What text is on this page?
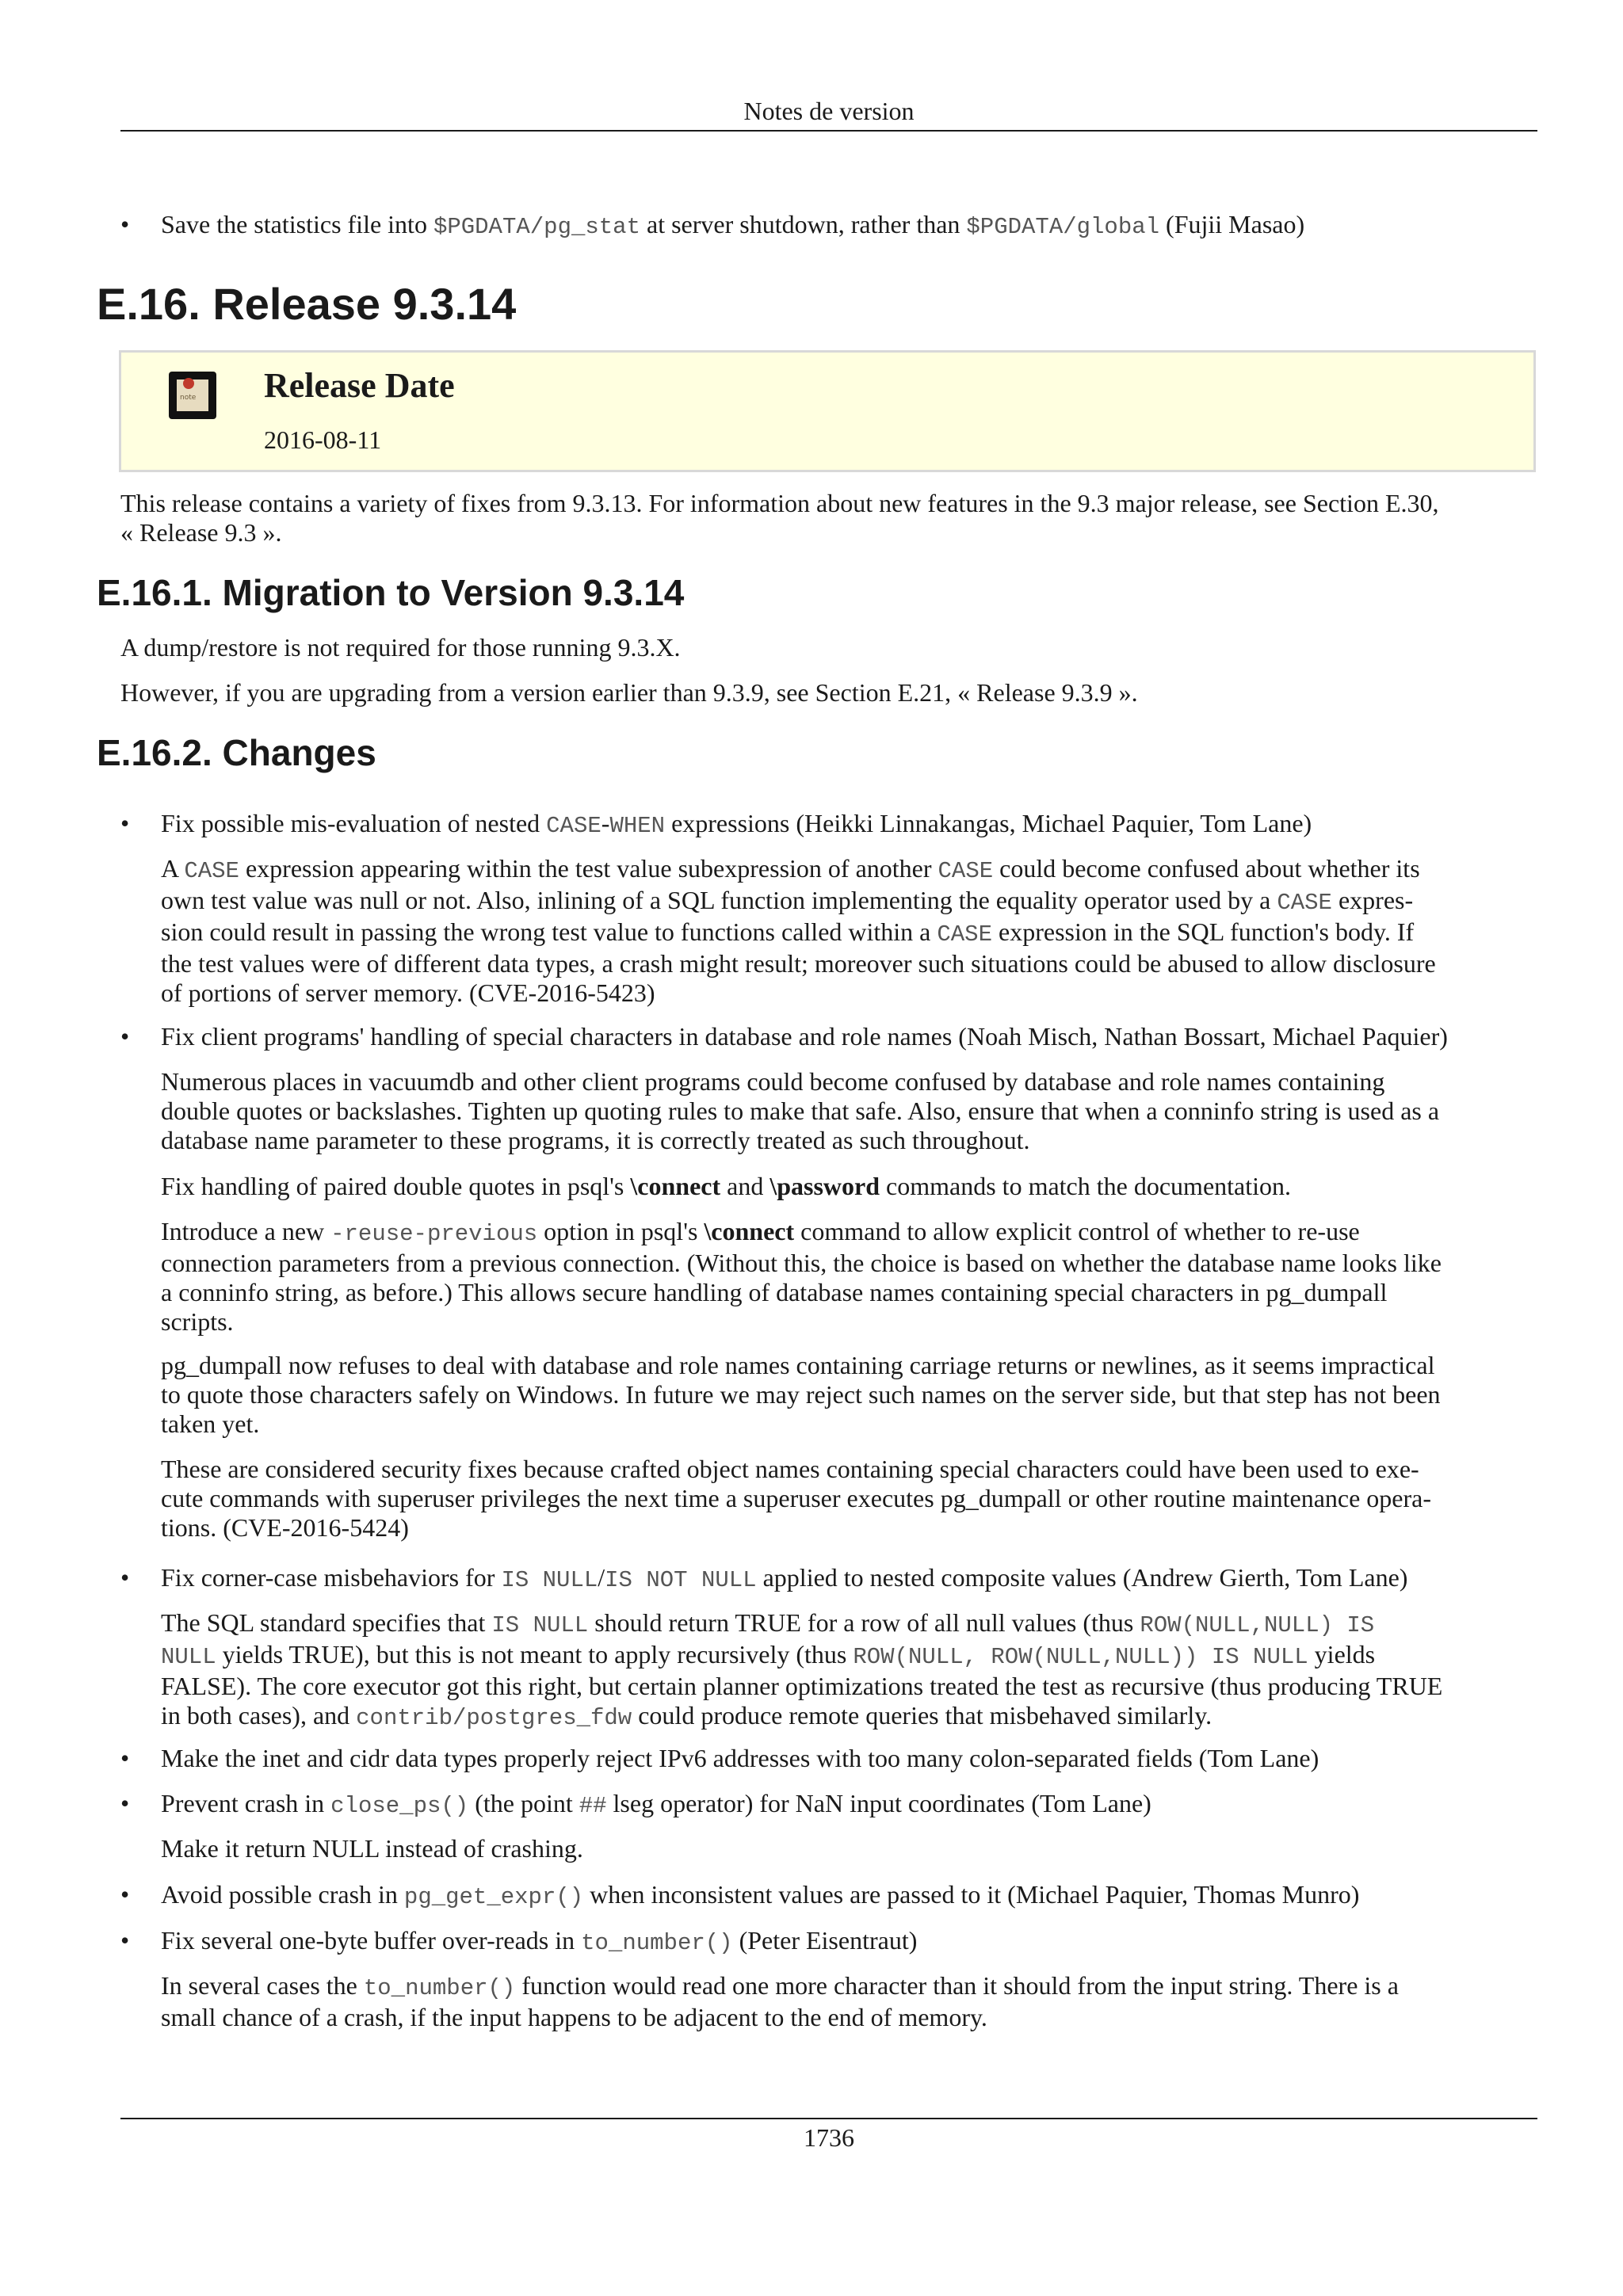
Notes de version
• Save the statistics file into $PGDATA/pg_stat at server shutdown, rather than $PGDATA/global (Fujii Masao)
E.16. Release 9.3.14
note Release Date
2016-08-11
This release contains a variety of fixes from 9.3.13. For information about new features in the 9.3 major release, see Section E.30,
« Release 9.3 ».
E.16.1. Migration to Version 9.3.14
A dump/restore is not required for those running 9.3.X.
However, if you are upgrading from a version earlier than 9.3.9, see Section E.21, « Release 9.3.9 ».
E.16.2. Changes
• Fix possible mis-evaluation of nested CASE-WHEN expressions (Heikki Linnakangas, Michael Paquier, Tom Lane)
A CASE expression appearing within the test value subexpression of another CASE could become confused about whether its
own test value was null or not. Also, inlining of a SQL function implementing the equality operator used by a CASE expres-
sion could result in passing the wrong test value to functions called within a CASE expression in the SQL function's body. If
the test values were of different data types, a crash might result; moreover such situations could be abused to allow disclosure
of portions of server memory. (CVE-2016-5423)
• Fix client programs' handling of special characters in database and role names (Noah Misch, Nathan Bossart, Michael Paquier)
Numerous places in vacuumdb and other client programs could become confused by database and role names containing
double quotes or backslashes. Tighten up quoting rules to make that safe. Also, ensure that when a conninfo string is used as a
database name parameter to these programs, it is correctly treated as such throughout.
Fix handling of paired double quotes in psql's \connect and \password commands to match the documentation.
Introduce a new -reuse-previous option in psql's \connect command to allow explicit control of whether to re-use
connection parameters from a previous connection. (Without this, the choice is based on whether the database name looks like
a conninfo string, as before.) This allows secure handling of database names containing special characters in pg_dumpall
scripts.
pg_dumpall now refuses to deal with database and role names containing carriage returns or newlines, as it seems impractical
to quote those characters safely on Windows. In future we may reject such names on the server side, but that step has not been
taken yet.
These are considered security fixes because crafted object names containing special characters could have been used to exe-
cute commands with superuser privileges the next time a superuser executes pg_dumpall or other routine maintenance opera-
tions. (CVE-2016-5424)
• Fix corner-case misbehaviors for IS NULL/IS NOT NULL applied to nested composite values (Andrew Gierth, Tom Lane)
The SQL standard specifies that IS NULL should return TRUE for a row of all null values (thus ROW(NULL,NULL) IS
NULL yields TRUE), but this is not meant to apply recursively (thus ROW(NULL, ROW(NULL,NULL)) IS NULL yields
FALSE). The core executor got this right, but certain planner optimizations treated the test as recursive (thus producing TRUE
in both cases), and contrib/postgres_fdw could produce remote queries that misbehaved similarly.
• Make the inet and cidr data types properly reject IPv6 addresses with too many colon-separated fields (Tom Lane)
• Prevent crash in close_ps() (the point ## lseg operator) for NaN input coordinates (Tom Lane)
Make it return NULL instead of crashing.
• Avoid possible crash in pg_get_expr() when inconsistent values are passed to it (Michael Paquier, Thomas Munro)
• Fix several one-byte buffer over-reads in to_number() (Peter Eisentraut)
In several cases the to_number() function would read one more character than it should from the input string. There is a
small chance of a crash, if the input happens to be adjacent to the end of memory.
1736
